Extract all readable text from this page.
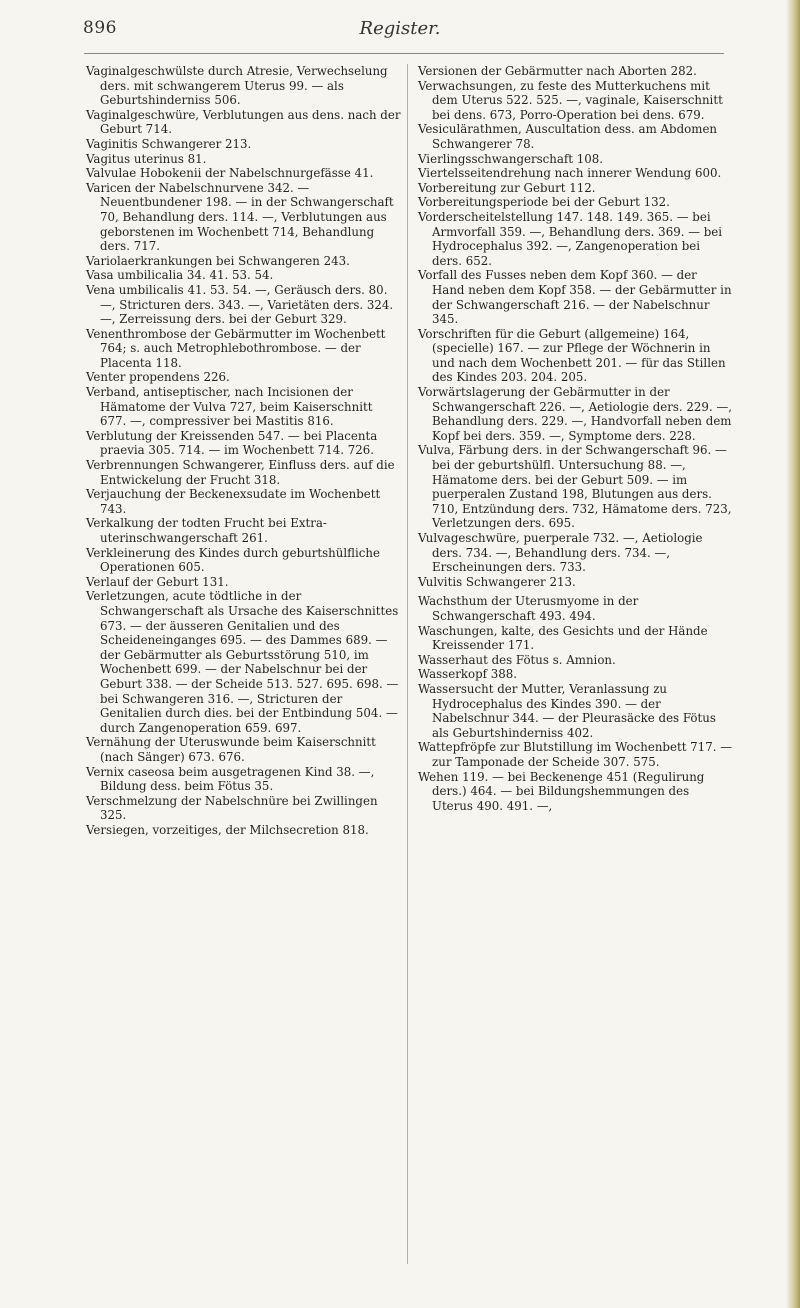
896	Register.
Vaginalgeschwülste durch Atresie, Verwechselung ders. mit schwangerem Uterus 99. — als Geburtshinderniss 506.
Vaginalgeschwüre, Verblutungen aus dens. nach der Geburt 714.
Vaginitis Schwangerer 213.
Vagitus uterinus 81.
Valvulae Hobokenii der Nabelschnurgefässe 41.
Varicen der Nabelschnurvene 342. — Neuentbundener 198. — in der Schwangerschaft 70, Behandlung ders. 114. —, Verblutungen aus geborstenen im Wochenbett 714, Behandlung ders. 717.
Variolaerkrankungen bei Schwangeren 243.
Vasa umbilicalia 34. 41. 53. 54.
Vena umbilicalis 41. 53. 54. —, Geräusch ders. 80. —, Stricturen ders. 343. —, Varietäten ders. 324. —, Zerreissung ders. bei der Geburt 329.
Venenthrombose der Gebärmutter im Wochenbett 764; s. auch Metrophlebothrombose. — der Placenta 118.
Venter propendens 226.
Verband, antiseptischer, nach Incisionen der Hämatome der Vulva 727, beim Kaiserschnitt 677. —, compressiver bei Mastitis 816.
Verblutung der Kreissenden 547. — bei Placenta praevia 305. 714. — im Wochenbett 714. 726.
Verbrennungen Schwangerer, Einfluss ders. auf die Entwickelung der Frucht 318.
Verjauchung der Beckenexsudate im Wochenbett 743.
Verkalkung der todten Frucht bei Extra-uterinschwangerschaft 261.
Verkleinerung des Kindes durch geburtshülfliche Operationen 605.
Verlauf der Geburt 131.
Verletzungen, acute tödtliche in der Schwangerschaft als Ursache des Kaiserschnittes 673. — der äusseren Genitalien und des Scheideneinganges 695. — des Dammes 689. — der Gebärmutter als Geburtsstörung 510, im Wochenbett 699. — der Nabelschnur bei der Geburt 338. — der Scheide 513. 527. 695. 698. — bei Schwangeren 316. —, Stricturen der Genitalien durch dies. bei der Entbindung 504. — durch Zangenoperation 659. 697.
Vernähung der Uteruswunde beim Kaiserschnitt (nach Sänger) 673. 676.
Vernix caseosa beim ausgetragenen Kind 38. —, Bildung dess. beim Fötus 35.
Verschmelzung der Nabelschnüre bei Zwillingen 325.
Versiegen, vorzeitiges, der Milchsecretion 818.
Versionen der Gebärmutter nach Aborten 282.
Verwachsungen, zu feste des Mutterkuchens mit dem Uterus 522. 525. —, vaginale, Kaiserschnitt bei dens. 673, Porro-Operation bei dens. 679.
Vesiculärathmen, Auscultation dess. am Abdomen Schwangerer 78.
Vierlingsschwangerschaft 108.
Viertelsseitendrehung nach innerer Wendung 600.
Vorbereitung zur Geburt 112.
Vorbereitungsperiode bei der Geburt 132.
Vorderscheitelstellung 147. 148. 149. 365. — bei Armvorfall 359. —, Behandlung ders. 369. — bei Hydrocephalus 392. —, Zangenoperation bei ders. 652.
Vorfall des Fusses neben dem Kopf 360. — der Hand neben dem Kopf 358. — der Gebärmutter in der Schwangerschaft 216. — der Nabelschnur 345.
Vorschriften für die Geburt (allgemeine) 164, (specielle) 167. — zur Pflege der Wöchnerin in und nach dem Wochenbett 201. — für das Stillen des Kindes 203. 204. 205.
Vorwärtslagerung der Gebärmutter in der Schwangerschaft 226. —, Aetiologie ders. 229. —, Behandlung ders. 229. —, Handvorfall neben dem Kopf bei ders. 359. —, Symptome ders. 228.
Vulva, Färbung ders. in der Schwangerschaft 96. — bei der geburtshülfl. Untersuchung 88. —, Hämatome ders. bei der Geburt 509. — im puerperalen Zustand 198, Blutungen aus ders. 710, Entzündung ders. 732, Hämatome ders. 723, Verletzungen ders. 695.
Vulvageschwüre, puerperale 732. —, Aetiologie ders. 734. —, Behandlung ders. 734. —, Erscheinungen ders. 733.
Vulvitis Schwangerer 213.
Wachsthum der Uterusmyome in der Schwangerschaft 493. 494.
Waschungen, kalte, des Gesichts und der Hände Kreissender 171.
Wasserhaut des Fötus s. Amnion.
Wasserkopf 388.
Wassersucht der Mutter, Veranlassung zu Hydrocephalus des Kindes 390. — der Nabelschnur 344. — der Pleurasäcke des Fötus als Geburtshinderniss 402.
Wattepfröpfe zur Blutstillung im Wochenbett 717. — zur Tamponade der Scheide 307. 575.
Wehen 119. — bei Beckenenge 451 (Regulirung ders.) 464. — bei Bildungshemmungen des Uterus 490. 491. —,
